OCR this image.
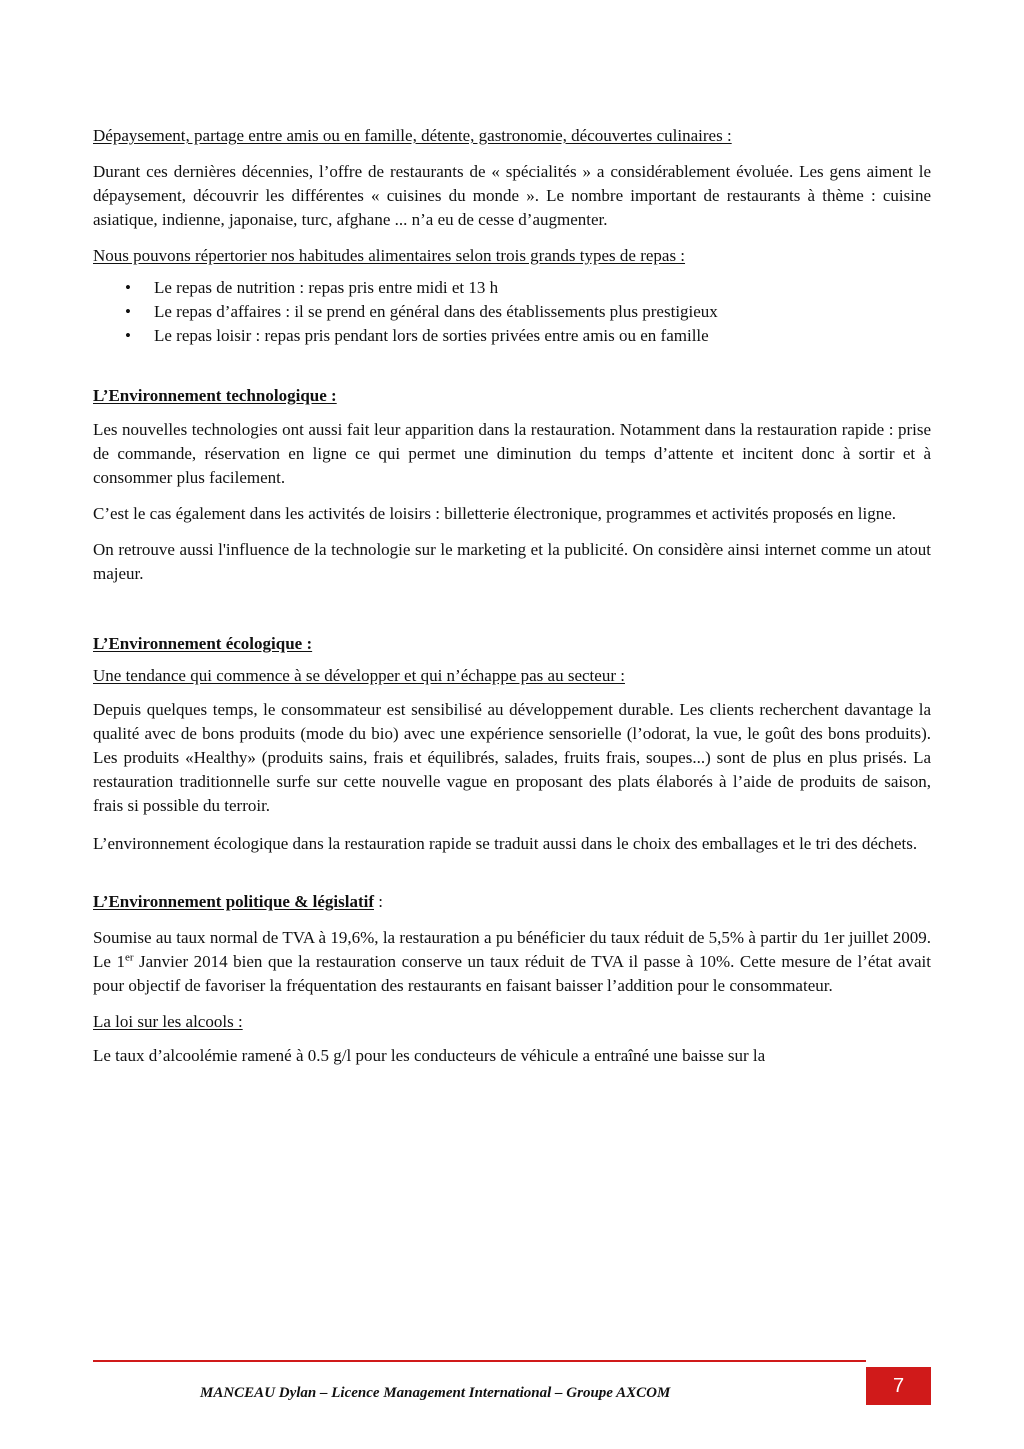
Dépaysement, partage entre amis ou en famille, détente, gastronomie, découvertes culinaires :

Durant ces dernières décennies, l’offre de restaurants de « spécialités » a considérablement évoluée. Les gens aiment le dépaysement, découvrir les différentes « cuisines du monde ». Le nombre important de restaurants à thème : cuisine asiatique, indienne, japonaise, turc, afghane ... n’a eu de cesse d’augmenter.

Nous pouvons répertorier nos habitudes alimentaires selon trois grands types de repas :

• Le repas de nutrition : repas pris entre midi et 13 h
• Le repas d’affaires : il se prend en général dans des établissements plus prestigieux
• Le repas loisir : repas pris pendant lors de sorties privées entre amis ou en famille
L’Environnement technologique :

Les nouvelles technologies ont aussi fait leur apparition dans la restauration. Notamment dans la restauration rapide : prise de commande, réservation en ligne ce qui permet une diminution du temps d’attente et incitent donc à sortir et à consommer plus facilement.

C’est le cas également dans les activités de loisirs : billetterie électronique, programmes et activités proposés en ligne.

On retrouve aussi l'influence de la technologie sur le marketing et la publicité. On considère ainsi internet comme un atout majeur.

L’Environnement écologique :

Une tendance qui commence à se développer et qui n’échappe pas au secteur :

Depuis quelques temps, le consommateur est sensibilisé au développement durable. Les clients recherchent davantage la qualité avec de bons produits (mode du bio) avec une expérience sensorielle (l’odorat, la vue, le goût des bons produits). Les produits «Healthy» (produits sains, frais et équilibrés, salades, fruits frais, soupes...) sont de plus en plus prisés. La restauration traditionnelle surfe sur cette nouvelle vague en proposant des plats élaborés à l’aide de produits de saison, frais si possible du terroir.

L’environnement écologique dans la restauration rapide se traduit aussi dans le choix des emballages et le tri des déchets.

L’Environnement politique & législatif :

Soumise au taux normal de TVA à 19,6%, la restauration a pu bénéficier du taux réduit de 5,5% à partir du 1er juillet 2009. Le 1er Janvier 2014 bien que la restauration conserve un taux réduit de TVA il passe à 10%. Cette mesure de l’état avait pour objectif de favoriser la fréquentation des restaurants en faisant baisser l’addition pour le consommateur.

La loi sur les alcools :

Le taux d’alcoolémie ramené à 0.5 g/l pour les conducteurs de véhicule a entraîné une baisse sur la

MANCEAU Dylan – Licence Management International – Groupe AXCOM	7
